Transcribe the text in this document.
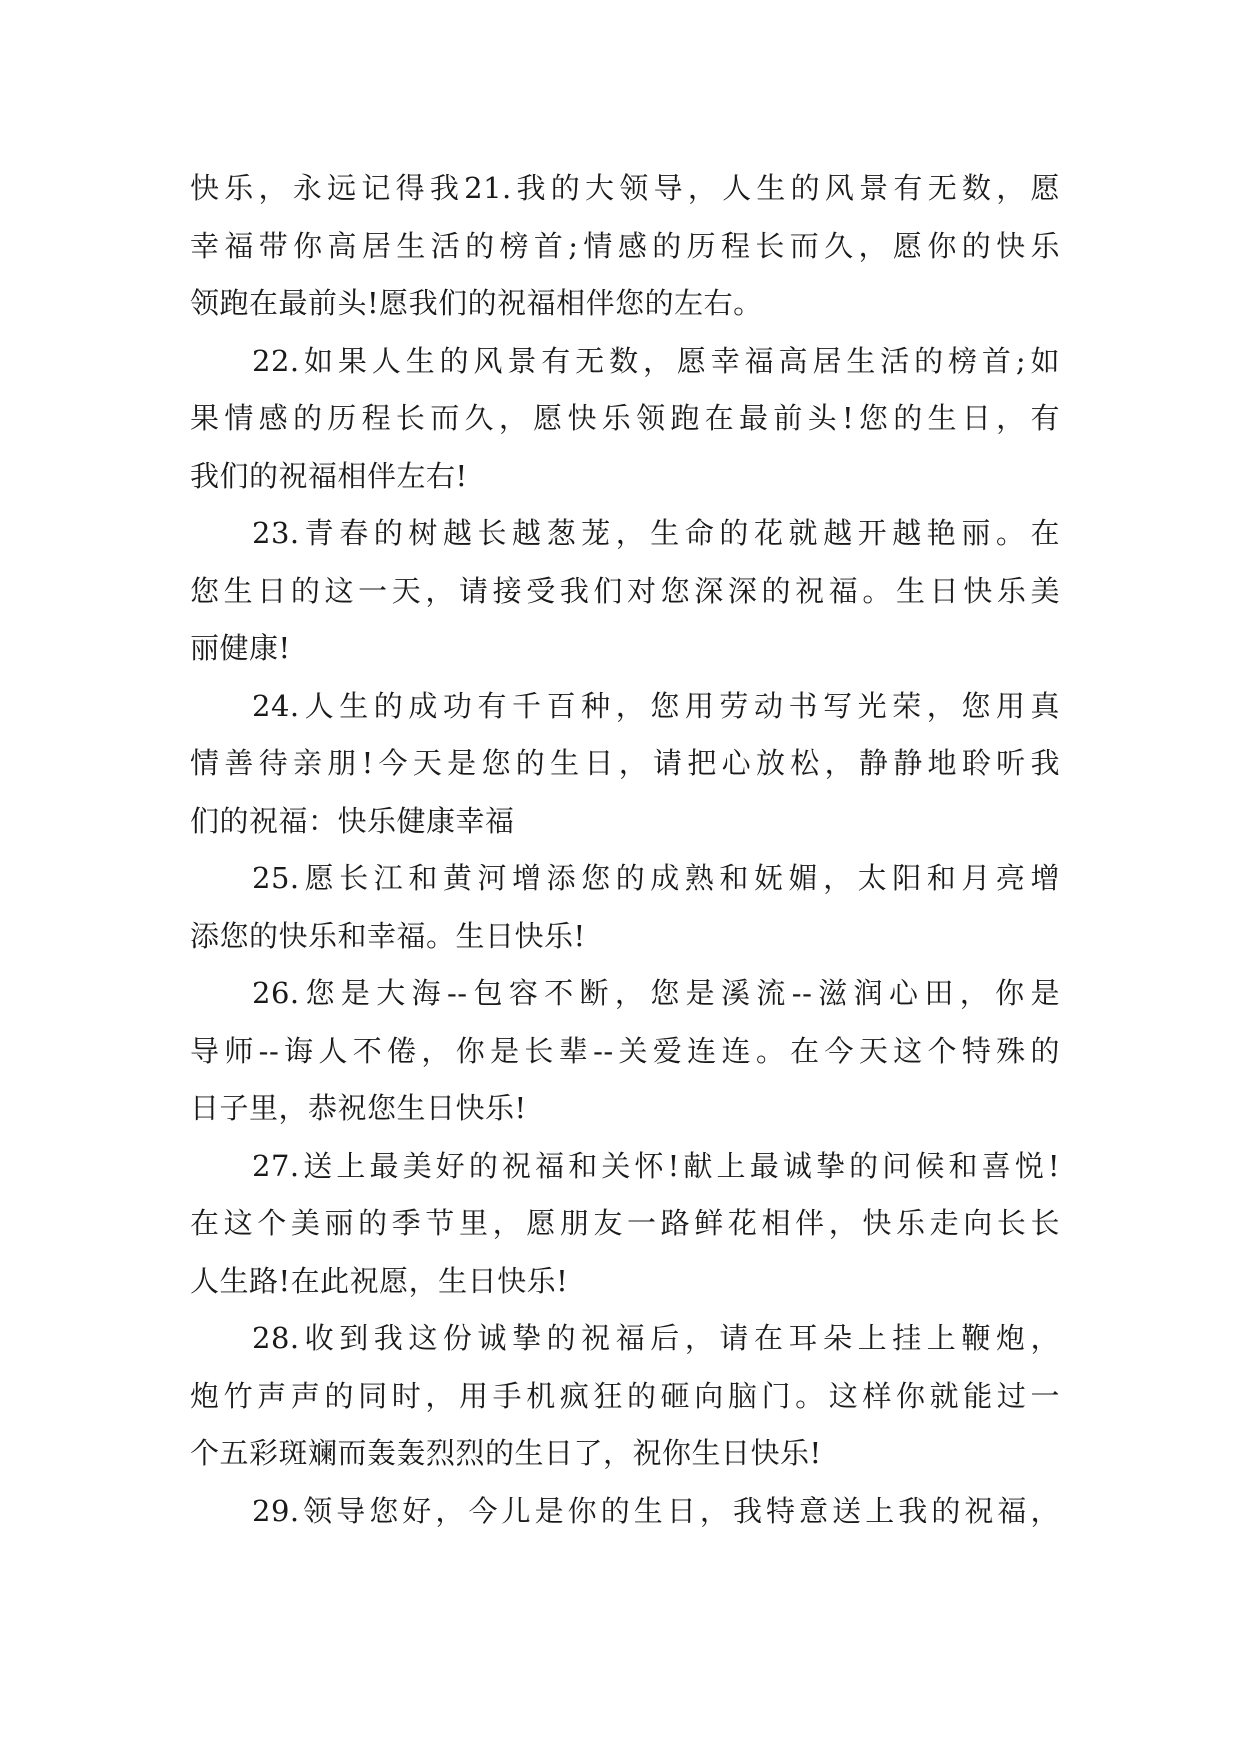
快乐，永远记得我21.我的大领导，人生的风景有无数，愿
幸福带你高居生活的榜首;情感的历程长而久，愿你的快乐
领跑在最前头!愿我们的祝福相伴您的左右。
22.如果人生的风景有无数，愿幸福高居生活的榜首;如
果情感的历程长而久，愿快乐领跑在最前头!您的生日，有
我们的祝福相伴左右!
23.青春的树越长越葱茏，生命的花就越开越艳丽。在
您生日的这一天，请接受我们对您深深的祝福。生日快乐美
丽健康!
24.人生的成功有千百种，您用劳动书写光荣，您用真
情善待亲朋!今天是您的生日，请把心放松，静静地聆听我
们的祝福：快乐健康幸福
25.愿长江和黄河增添您的成熟和妩媚，太阳和月亮增
添您的快乐和幸福。生日快乐!
26.您是大海--包容不断，您是溪流--滋润心田，你是
导师--诲人不倦，你是长辈--关爱连连。在今天这个特殊的
日子里，恭祝您生日快乐!
27.送上最美好的祝福和关怀!献上最诚挚的问候和喜悦!
在这个美丽的季节里，愿朋友一路鲜花相伴，快乐走向长长
人生路!在此祝愿，生日快乐!
28.收到我这份诚挚的祝福后，请在耳朵上挂上鞭炮，
炮竹声声的同时，用手机疯狂的砸向脑门。这样你就能过一
个五彩斑斓而轰轰烈烈的生日了，祝你生日快乐!
29.领导您好，今儿是你的生日，我特意送上我的祝福，
